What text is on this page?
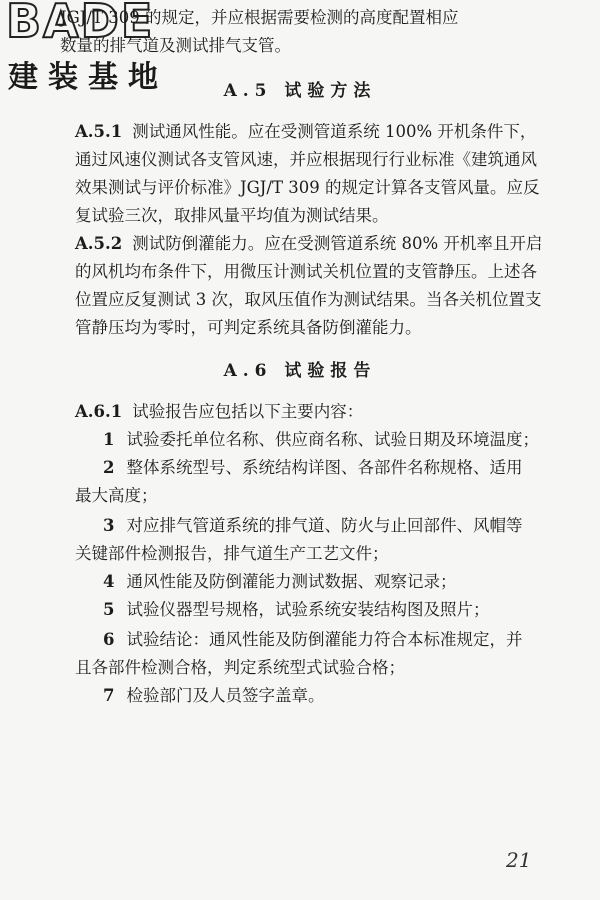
BADE
建装基地
JGJ/T 309 的规定，并应根据需要检测的高度配置相应
数量的排气道及测试排气支管。
A.5 试验方法
A.5.1 测试通风性能。应在受测管道系统 100% 开机条件下，
通过风速仪测试各支管风速，并应根据现行行业标准《建筑通风
效果测试与评价标准》JGJ/T 309 的规定计算各支管风量。应反
复试验三次，取排风量平均值为测试结果。
A.5.2 测试防倒灌能力。应在受测管道系统 80% 开机率且开启
的风机均布条件下，用微压计测试关机位置的支管静压。上述各
位置应反复测试 3 次，取风压值作为测试结果。当各关机位置支
管静压均为零时，可判定系统具备防倒灌能力。
A.6 试验报告
A.6.1 试验报告应包括以下主要内容：
1 试验委托单位名称、供应商名称、试验日期及环境温度；
2 整体系统型号、系统结构详图、各部件名称规格、适用
最大高度；
3 对应排气管道系统的排气道、防火与止回部件、风帽等
关键部件检测报告，排气道生产工艺文件；
4 通风性能及防倒灌能力测试数据、观察记录；
5 试验仪器型号规格，试验系统安装结构图及照片；
6 试验结论：通风性能及防倒灌能力符合本标准规定，并
且各部件检测合格，判定系统型式试验合格；
7 检验部门及人员签字盖章。
21
